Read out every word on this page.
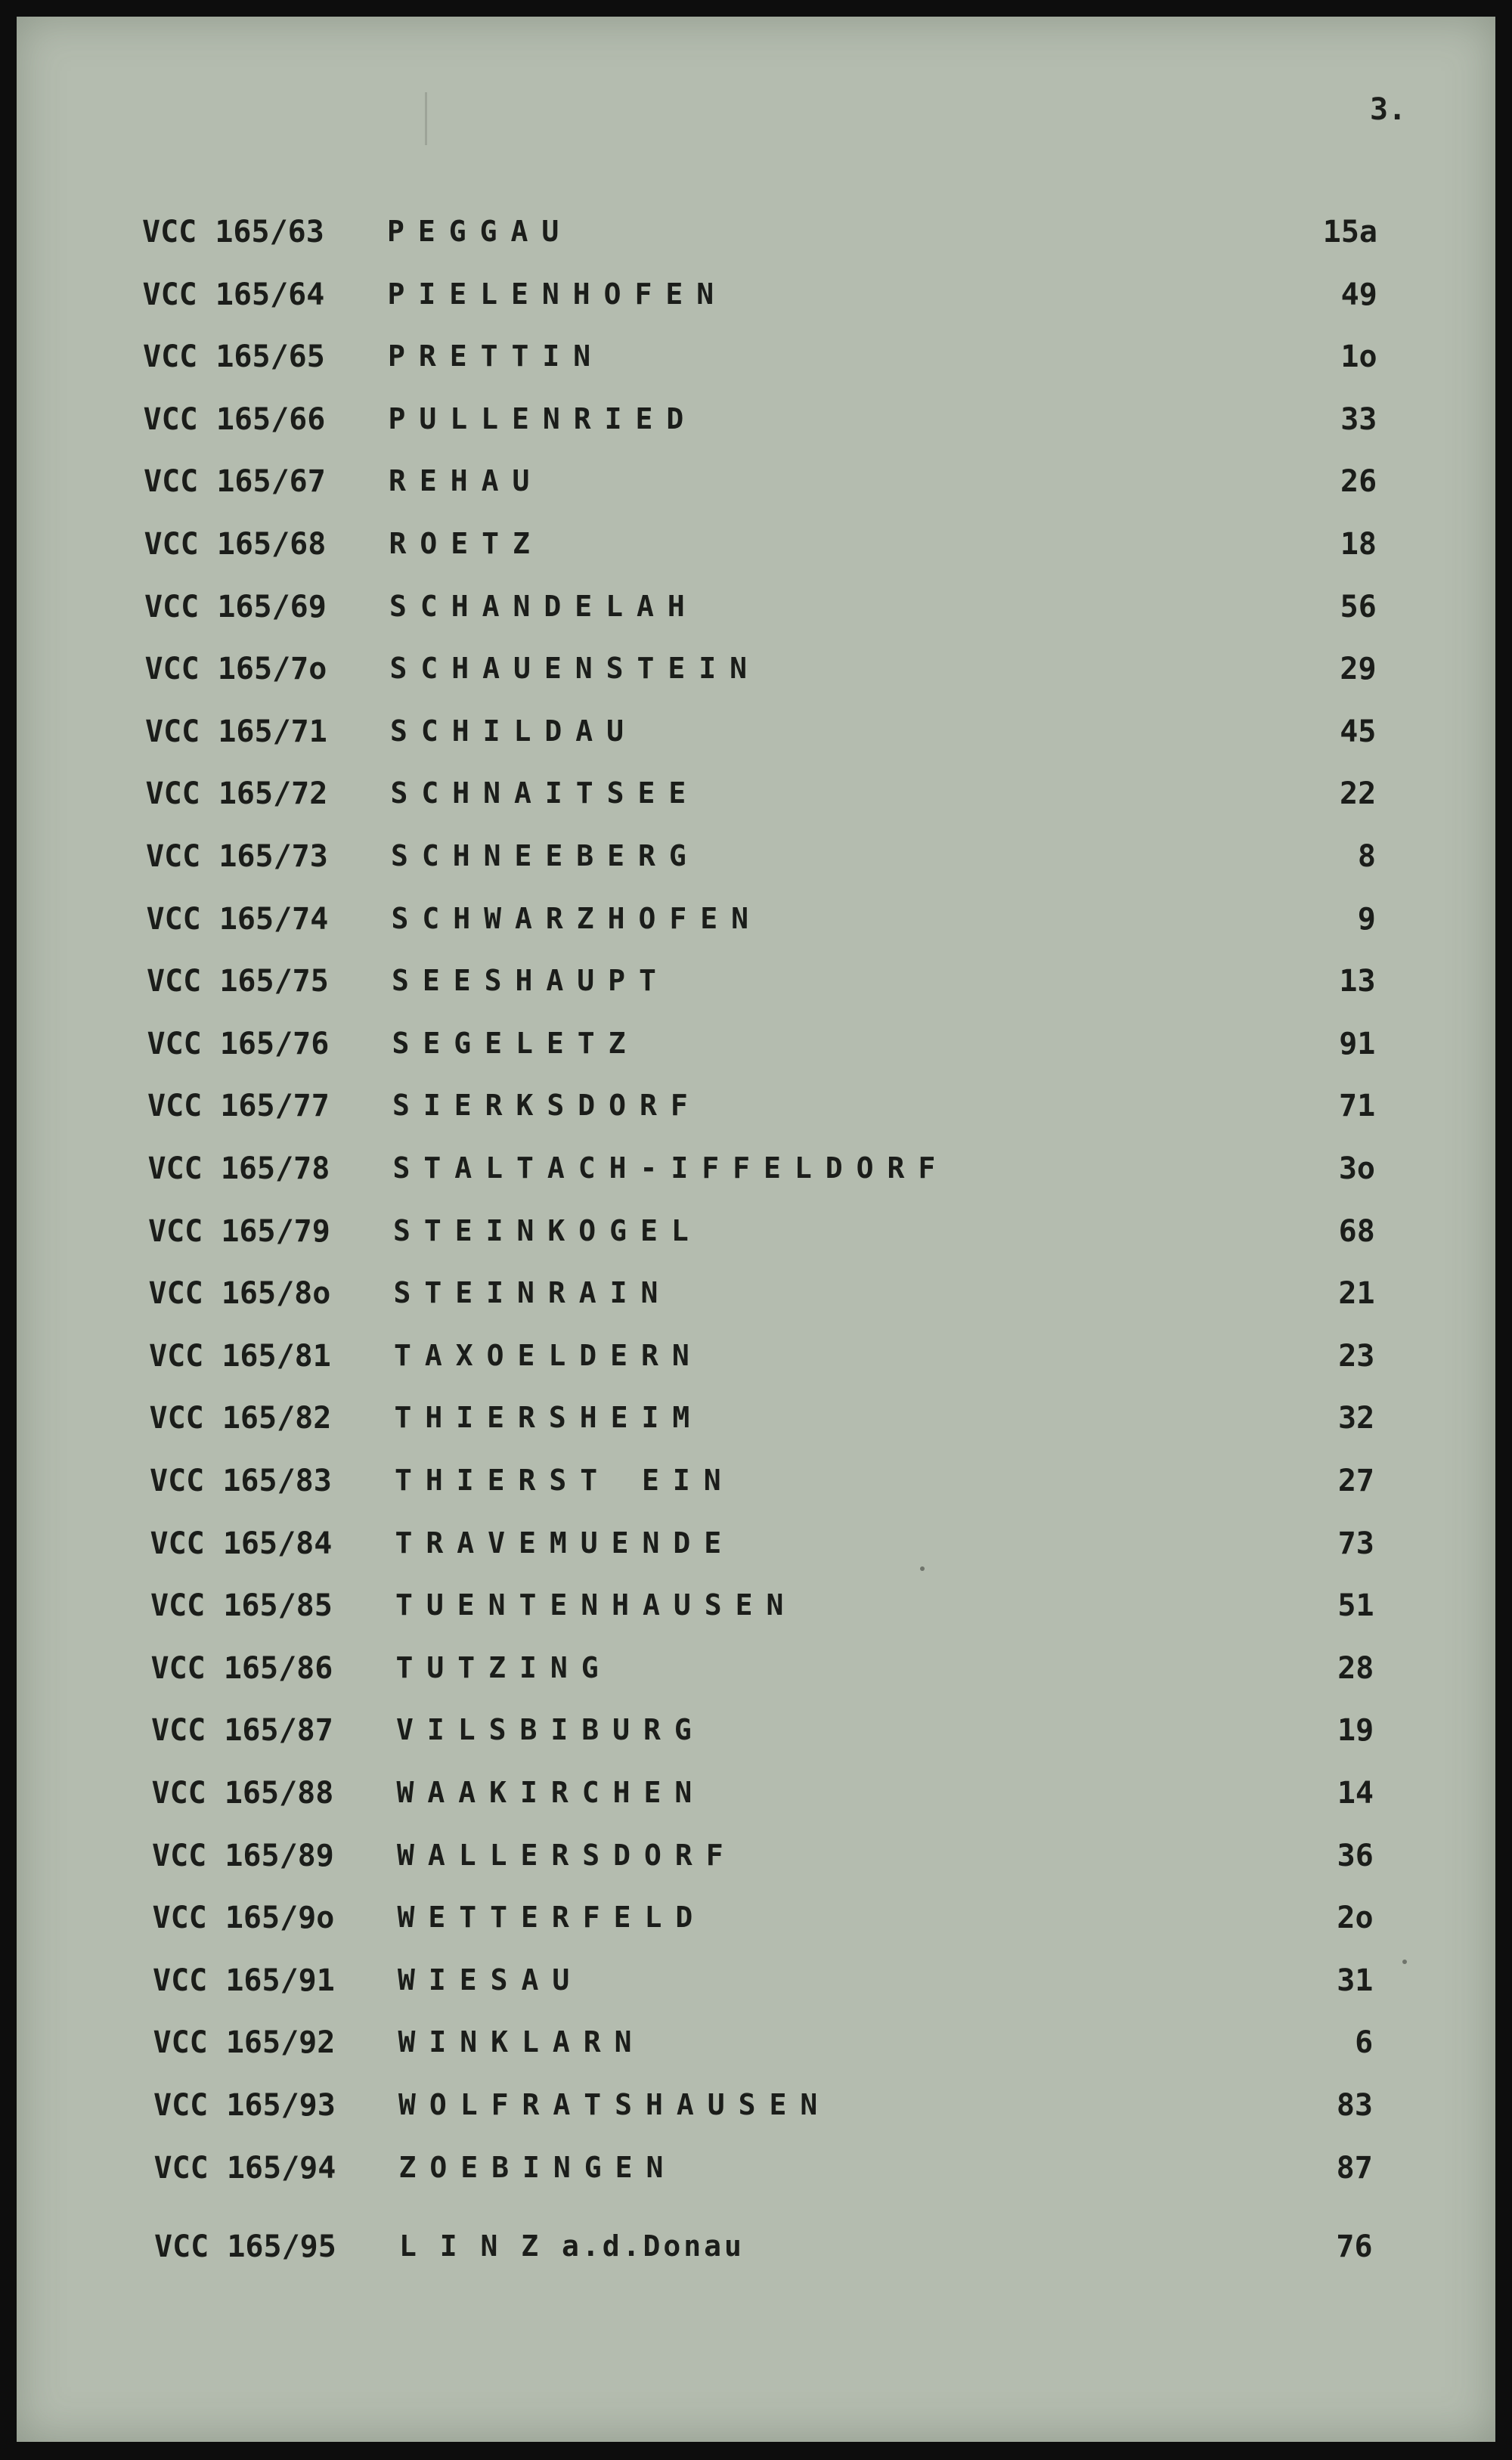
3.
VCC 165/63 PEGGAU	15a
VCC 165/64 PIELENHOFEN	49
VCC 165/65 PRETTIN	1o
VCC 165/66 PULLENRIED	33
VCC 165/67 REHAU	26
VCC 165/68 ROETZ	18
VCC 165/69 SCHANDELAH	56
VCC 165/7o SCHAUENSTEIN	29
VCC 165/71 SCHILDAU	45
VCC 165/72 SCHNAITSEE	22
VCC 165/73 SCHNEEBERG	8
VCC 165/74 SCHWARZHOFEN	9
VCC 165/75 SEESHAUPT	13
VCC 165/76 SEGELETZ	91
VCC 165/77 SIERKSDORF	71
VCC 165/78 STALTACH-IFFELDORF	3o
VCC 165/79 STEINKOGEL	68
VCC 165/8o STEINRAIN	21
VCC 165/81 TAXOELDERN	23
VCC 165/82 THIERSHEIM	32
VCC 165/83 THIERST EIN	27
VCC 165/84 TRAVEMUENDE	73
VCC 165/85 TUENTENHAUSEN	51
VCC 165/86 TUTZING	28
VCC 165/87 VILSBIBURG	19
VCC 165/88 WAAKIRCHEN	14
VCC 165/89 WALLERSDORF	36
VCC 165/9o WETTERFELD	2o
VCC 165/91 WIESAU	31
VCC 165/92 WINKLARN	6
VCC 165/93 WOLFRATSHAUSEN	83
VCC 165/94 ZOEBINGEN	87
VCC 165/95 L I N Z a.d.Donau	76
